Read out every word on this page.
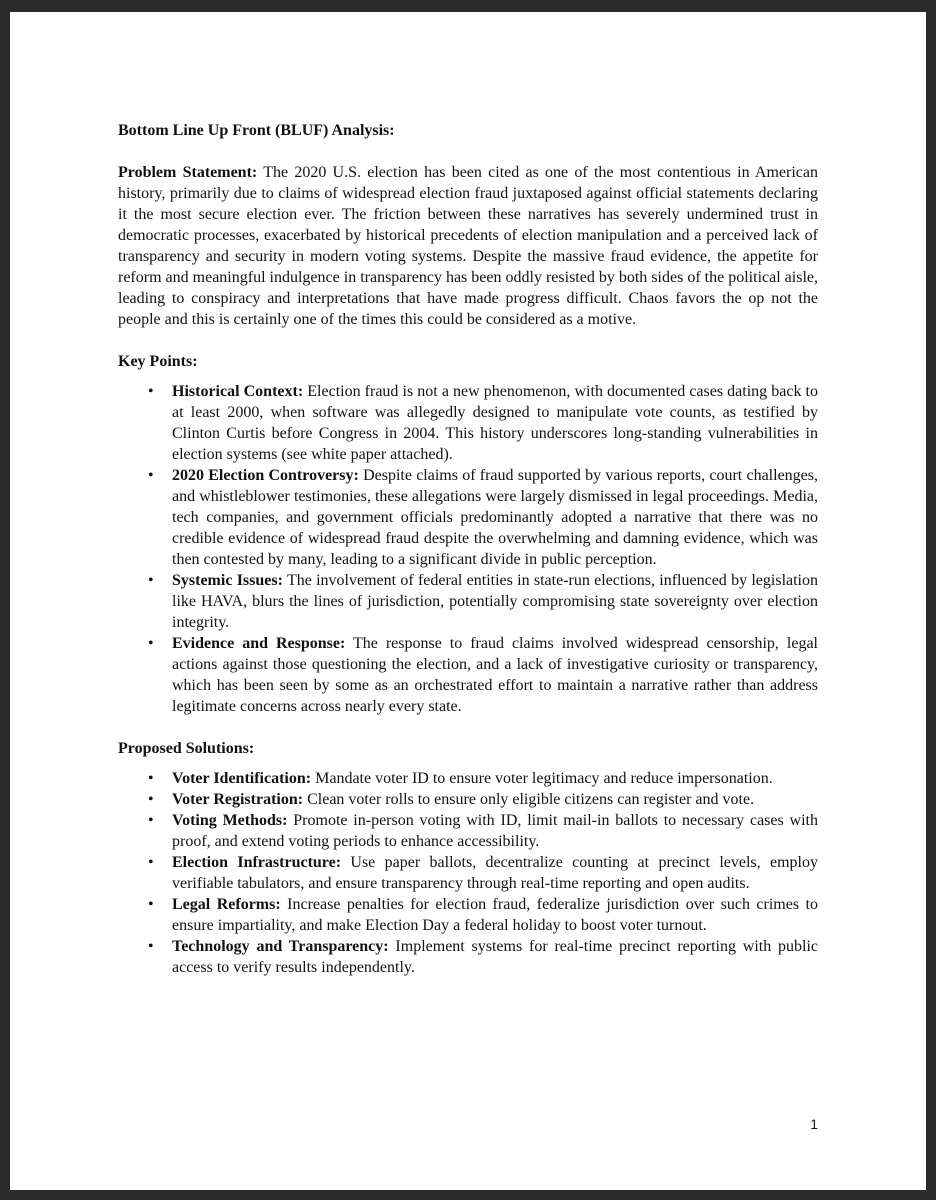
Bottom Line Up Front (BLUF) Analysis:

Problem Statement: The 2020 U.S. election has been cited as one of the most contentious in American history, primarily due to claims of widespread election fraud juxtaposed against official statements declaring it the most secure election ever. The friction between these narratives has severely undermined trust in democratic processes, exacerbated by historical precedents of election manipulation and a perceived lack of transparency and security in modern voting systems. Despite the massive fraud evidence, the appetite for reform and meaningful indulgence in transparency has been oddly resisted by both sides of the political aisle, leading to conspiracy and interpretations that have made progress difficult. Chaos favors the op not the people and this is certainly one of the times this could be considered as a motive.

Key Points:

• Historical Context: Election fraud is not a new phenomenon, with documented cases dating back to at least 2000, when software was allegedly designed to manipulate vote counts, as testified by Clinton Curtis before Congress in 2004. This history underscores long-standing vulnerabilities in election systems (see white paper attached).
• 2020 Election Controversy: Despite claims of fraud supported by various reports, court challenges, and whistleblower testimonies, these allegations were largely dismissed in legal proceedings. Media, tech companies, and government officials predominantly adopted a narrative that there was no credible evidence of widespread fraud despite the overwhelming and damning evidence, which was then contested by many, leading to a significant divide in public perception.
• Systemic Issues: The involvement of federal entities in state-run elections, influenced by legislation like HAVA, blurs the lines of jurisdiction, potentially compromising state sovereignty over election integrity.
• Evidence and Response: The response to fraud claims involved widespread censorship, legal actions against those questioning the election, and a lack of investigative curiosity or transparency, which has been seen by some as an orchestrated effort to maintain a narrative rather than address legitimate concerns across nearly every state.

Proposed Solutions:

• Voter Identification: Mandate voter ID to ensure voter legitimacy and reduce impersonation.
• Voter Registration: Clean voter rolls to ensure only eligible citizens can register and vote.
• Voting Methods: Promote in-person voting with ID, limit mail-in ballots to necessary cases with proof, and extend voting periods to enhance accessibility.
• Election Infrastructure: Use paper ballots, decentralize counting at precinct levels, employ verifiable tabulators, and ensure transparency through real-time reporting and open audits.
• Legal Reforms: Increase penalties for election fraud, federalize jurisdiction over such crimes to ensure impartiality, and make Election Day a federal holiday to boost voter turnout.
• Technology and Transparency: Implement systems for real-time precinct reporting with public access to verify results independently.
1
